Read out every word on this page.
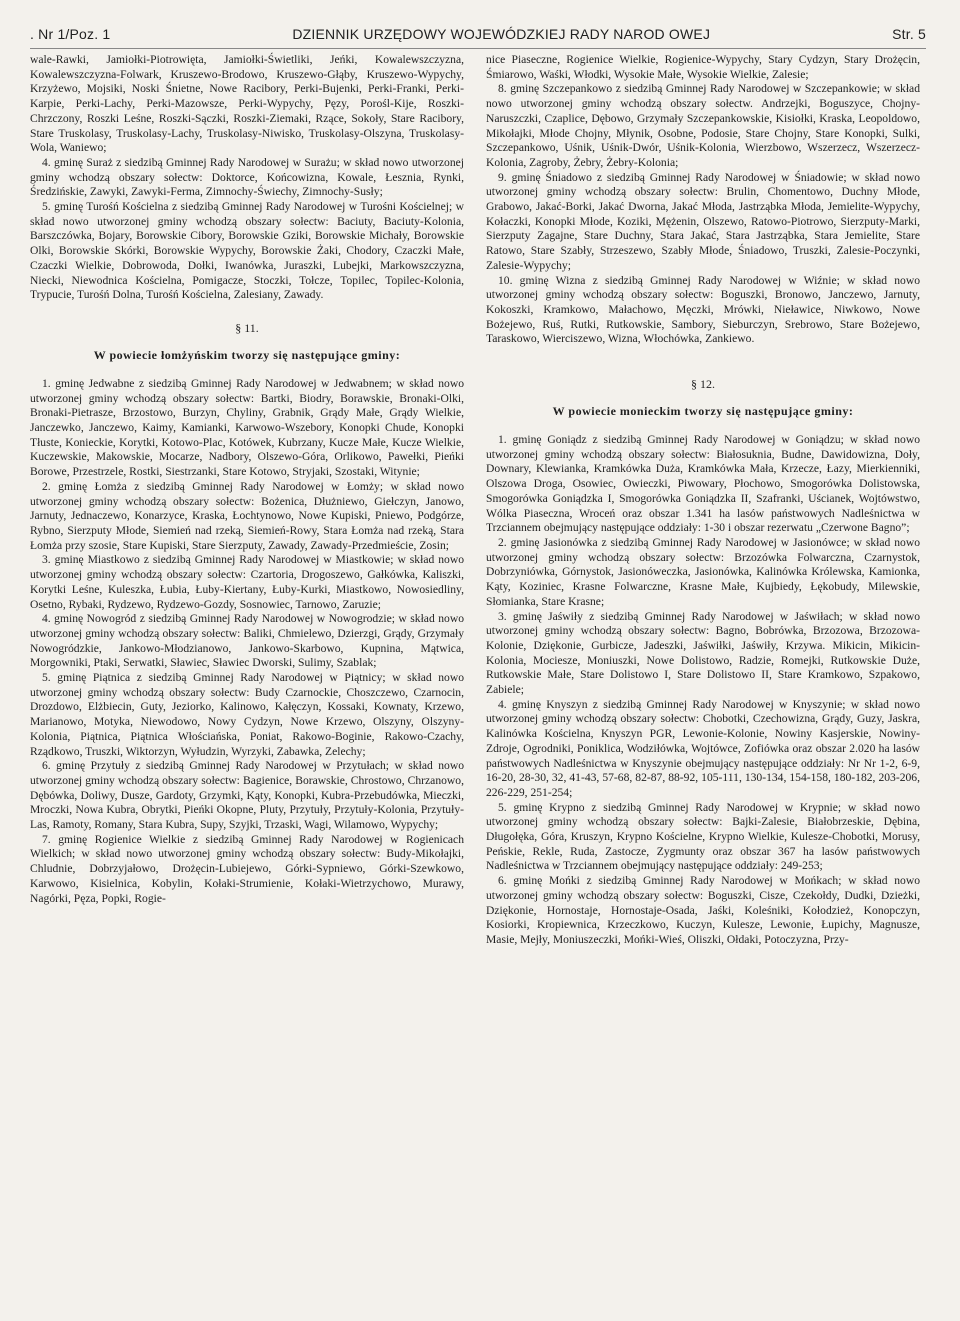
. Nr 1/Poz. 1	DZIENNIK URZĘDOWY WOJEWÓDZKIEJ RADY NAROD OWEJ	Str. 5

wale-Rawki, Jamiołki-Piotrowięta, Jamiołki-Świetliki, Jeńki, Kowalewszczyzna, Kowalewszczyzna-Folwark, Kruszewo-Brodowo, Kruszewo-Głąby, Kruszewo-Wypychy, Krzyżewo, Mojsiki, Noski Śnietne, Nowe Racibory, Perki-Bujenki, Perki-Franki, Perki-Karpie, Perki-Lachy, Perki-Mazowsze, Perki-Wypychy, Pęzy, Porośl-Kije, Roszki-Chrzczony, Roszki Leśne, Roszki-Sączki, Roszki-Ziemaki, Rzące, Sokoły, Stare Racibory, Stare Truskolasy, Truskolasy-Lachy, Truskolasy-Niwisko, Truskolasy-Olszyna, Truskolasy-Wola, Waniewo;

4. gminę Suraż z siedzibą Gminnej Rady Narodowej w Surażu; w skład nowo utworzonej gminy wchodzą obszary sołectw: Doktorce, Końcowizna, Kowale, Łesznia, Rynki, Średzińskie, Zawyki, Zawyki-Ferma, Zimnochy-Świechy, Zimnochy-Susły;

5. gminę Turośń Kościelna z siedzibą Gminnej Rady Narodowej w Turośni Kościelnej; w skład nowo utworzonej gminy wchodzą obszary sołectw: Baciuty, Baciuty-Kolonia, Barszczówka, Bojary, Borowskie Cibory, Borowskie Gziki, Borowskie Michały, Borowskie Olki, Borowskie Skórki, Borowskie Wypychy, Borowskie Żaki, Chodory, Czaczki Małe, Czaczki Wielkie, Dobrowoda, Dołki, Iwanówka, Juraszki, Lubejki, Markowszczyzna, Niecki, Niewodnica Kościelna, Pomigacze, Stoczki, Tołcze, Topilec, Topilec-Kolonia, Trypucie, Turośń Dolna, Turośń Kościelna, Zalesiany, Zawady.

§ 11.
W powiecie łomżyńskim tworzy się następujące gminy:

1. gminę Jedwabne z siedzibą Gminnej Rady Narodowej w Jedwabnem; w skład nowo utworzonej gminy wchodzą obszary sołectw: Bartki, Biodry, Borawskie, Bronaki-Olki, Bronaki-Pietrasze, Brzostowo, Burzyn, Chyliny, Grabnik, Grądy Małe, Grądy Wielkie, Janczewko, Janczewo, Kaimy, Kamianki, Karwowo-Wszebory, Konopki Chude, Konopki Tłuste, Konieckie, Korytki, Kotowo-Plac, Kotówek, Kubrzany, Kucze Małe, Kucze Wielkie, Kuczewskie, Makowskie, Mocarze, Nadbory, Olszewo-Góra, Orlikowo, Pawełki, Pieńki Borowe, Przestrzele, Rostki, Siestrzanki, Stare Kotowo, Stryjaki, Szostaki, Witynie;

2. gminę Łomża z siedzibą Gminnej Rady Narodowej w Łomży; w skład nowo utworzonej gminy wchodzą obszary sołectw: Bożenica, Dłużniewo, Giełczyn, Janowo, Jarnuty, Jednaczewo, Konarzyce, Kraska, Łochtynowo, Nowe Kupiski, Pniewo, Podgórze, Rybno, Sierzputy Młode, Siemień nad rzeką, Siemień-Rowy, Stara Łomża nad rzeką, Stara Łomża przy szosie, Stare Kupiski, Stare Sierzputy, Zawady, Zawady-Przedmieście, Zosin;

3. gminę Miastkowo z siedzibą Gminnej Rady Narodowej w Miastkowie; w skład nowo utworzonej gminy wchodzą obszary sołectw: Czartoria, Drogoszewo, Gałkówka, Kaliszki, Korytki Leśne, Kuleszka, Łubia, Łuby-Kiertany, Łuby-Kurki, Miastkowo, Nowosiedliny, Osetno, Rybaki, Rydzewo, Rydzewo-Gozdy, Sosnowiec, Tarnowo, Zaruzie;

4. gminę Nowogród z siedzibą Gminnej Rady Narodowej w Nowogrodzie; w skład nowo utworzonej gminy wchodzą obszary sołectw: Baliki, Chmielewo, Dzierzgi, Grądy, Grzymały Nowogródzkie, Jankowo-Młodzianowo, Jankowo-Skarbowo, Kupnina, Mątwica, Morgowniki, Ptaki, Serwatki, Sławiec, Sławiec Dworski, Sulimy, Szablak;

5. gminę Piątnica z siedzibą Gminnej Rady Narodowej w Piątnicy; w skład nowo utworzonej gminy wchodzą obszary sołectw: Budy Czarnockie, Choszczewo, Czarnocin, Drozdowo, Elżbiecin, Guty, Jeziorko, Kalinowo, Kałęczyn, Kossaki, Kownaty, Krzewo, Marianowo, Motyka, Niewodowo, Nowy Cydzyn, Nowe Krzewo, Olszyny, Olszyny-Kolonia, Piątnica, Piątnica Włościańska, Poniat, Rakowo-Boginie, Rakowo-Czachy, Rządkowo, Truszki, Wiktorzyn, Wyłudzin, Wyrzyki, Zabawka, Zelechy;

6. gminę Przytuły z siedzibą Gminnej Rady Narodowej w Przytułach; w skład nowo utworzonej gminy wchodzą obszary sołectw: Bagienice, Borawskie, Chrostowo, Chrzanowo, Dębówka, Doliwy, Dusze, Gardoty, Grzymki, Kąty, Konopki, Kubra-Przebudówka, Mieczki, Mroczki, Nowa Kubra, Obrytki, Pieńki Okopne, Pluty, Przytuły, Przytuły-Kolonia, Przytuły-Las, Ramoty, Romany, Stara Kubra, Supy, Szyjki, Trzaski, Wagi, Wilamowo, Wypychy;

7. gminę Rogienice Wielkie z siedzibą Gminnej Rady Narodowej w Rogienicach Wielkich; w skład nowo utworzonej gminy wchodzą obszary sołectw: Budy-Mikołajki, Chludnie, Dobrzyjałowo, Drożęcin-Lubiejewo, Górki-Sypniewo, Górki-Szewkowo, Karwowo, Kisielnica, Kobylin, Kołaki-Strumienie, Kołaki-Wietrzychowo, Murawy, Nagórki, Pęza, Popki, Rogie-

nice Piaseczne, Rogienice Wielkie, Rogienice-Wypychy, Stary Cydzyn, Stary Drożęcin, Śmiarowo, Waśki, Włodki, Wysokie Małe, Wysokie Wielkie, Zalesie;

8. gminę Szczepankowo z siedzibą Gminnej Rady Narodowej w Szczepankowie; w skład nowo utworzonej gminy wchodzą obszary sołectw. Andrzejki, Boguszyce, Chojny-Naruszczki, Czaplice, Dębowo, Grzymały Szczepankowskie, Kisiołki, Kraska, Leopoldowo, Mikołajki, Młode Chojny, Młynik, Osobne, Podosie, Stare Chojny, Stare Konopki, Sulki, Szczepankowo, Uśnik, Uśnik-Dwór, Uśnik-Kolonia, Wierzbowo, Wszerzecz, Wszerzecz-Kolonia, Zagroby, Żebry, Żebry-Kolonia;

9. gminę Śniadowo z siedzibą Gminnej Rady Narodowej w Śniadowie; w skład nowo utworzonej gminy wchodzą obszary sołectw: Brulin, Chomentowo, Duchny Młode, Grabowo, Jakać-Borki, Jakać Dworna, Jakać Młoda, Jastrząbka Młoda, Jemielite-Wypychy, Kołaczki, Konopki Młode, Koziki, Mężenin, Olszewo, Ratowo-Piotrowo, Sierzputy-Marki, Sierzputy Zagajne, Stare Duchny, Stara Jakać, Stara Jastrząbka, Stara Jemielite, Stare Ratowo, Stare Szabły, Strzeszewo, Szabły Młode, Śniadowo, Truszki, Zalesie-Poczynki, Zalesie-Wypychy;

10. gminę Wizna z siedzibą Gminnej Rady Narodowej w Wiźnie; w skład nowo utworzonej gminy wchodzą obszary sołectw: Boguszki, Bronowo, Janczewo, Jarnuty, Kokoszki, Kramkowo, Małachowo, Męczki, Mrówki, Nieławice, Niwkowo, Nowe Bożejewo, Ruś, Rutki, Rutkowskie, Sambory, Sieburczyn, Srebrowo, Stare Bożejewo, Taraskowo, Wierciszewo, Wizna, Włochówka, Zankiewo.

§ 12.
W powiecie monieckim tworzy się następujące gminy:

1. gminę Goniądz z siedzibą Gminnej Rady Narodowej w Goniądzu; w skład nowo utworzonej gminy wchodzą obszary sołectw: Białosuknia, Budne, Dawidowizna, Doły, Downary, Klewianka, Kramkówka Duża, Kramkówka Mała, Krzecze, Łazy, Mierkienniki, Olszowa Droga, Osowiec, Owieczki, Piwowary, Płochowo, Smogorówka Dolistowska, Smogorówka Goniądzka I, Smogorówka Goniądzka II, Szafranki, Uścianek, Wojtówstwo, Wólka Piaseczna, Wroceń oraz obszar 1.341 ha lasów państwowych Nadleśnictwa w Trzciannem obejmujący następujące oddziały: 1-30 i obszar rezerwatu „Czerwone Bagno”;

2. gminę Jasionówka z siedzibą Gminnej Rady Narodowej w Jasionówce; w skład nowo utworzonej gminy wchodzą obszary sołectw: Brzozówka Folwarczna, Czarnystok, Dobrzyniówka, Górnystok, Jasionóweczka, Jasionówka, Kalinówka Królewska, Kamionka, Kąty, Koziniec, Krasne Folwarczne, Krasne Małe, Kujbiedy, Łękobudy, Milewskie, Słomianka, Stare Krasne;

3. gminę Jaświły z siedzibą Gminnej Rady Narodowej w Jaświłach; w skład nowo utworzonej gminy wchodzą obszary sołectw: Bagno, Bobrówka, Brzozowa, Brzozowa-Kolonie, Dziękonie, Gurbicze, Jadeszki, Jaświłki, Jaświły, Krzywa. Mikicin, Mikicin-Kolonia, Mociesze, Moniuszki, Nowe Dolistowo, Radzie, Romejki, Rutkowskie Duże, Rutkowskie Małe, Stare Dolistowo I, Stare Dolistowo II, Stare Kramkowo, Szpakowo, Zabiele;

4. gminę Knyszyn z siedzibą Gminnej Rady Narodowej w Knyszynie; w skład nowo utworzonej gminy wchodzą obszary sołectw: Chobotki, Czechowizna, Grądy, Guzy, Jaskra, Kalinówka Kościelna, Knyszyn PGR, Lewonie-Kolonie, Nowiny Kasjerskie, Nowiny-Zdroje, Ogrodniki, Poniklica, Wodziłówka, Wojtówce, Zofiówka oraz obszar 2.020 ha lasów państwowych Nadleśnictwa w Knyszynie obejmujący następujące oddziały: Nr Nr 1-2, 6-9, 16-20, 28-30, 32, 41-43, 57-68, 82-87, 88-92, 105-111, 130-134, 154-158, 180-182, 203-206, 226-229, 251-254;

5. gminę Krypno z siedzibą Gminnej Rady Narodowej w Krypnie; w skład nowo utworzonej gminy wchodzą obszary sołectw: Bajki-Zalesie, Białobrzeskie, Dębina, Długołęka, Góra, Kruszyn, Krypno Kościelne, Krypno Wielkie, Kulesze-Chobotki, Morusy, Peńskie, Rekle, Ruda, Zastocze, Zygmunty oraz obszar 367 ha lasów państwowych Nadleśnictwa w Trzciannem obejmujący następujące oddziały: 249-253;

6. gminę Mońki z siedzibą Gminnej Rady Narodowej w Mońkach; w skład nowo utworzonej gminy wchodzą obszary sołectw: Boguszki, Cisze, Czekołdy, Dudki, Dzieżki, Dziękonie, Hornostaje, Hornostaje-Osada, Jaśki, Koleśniki, Kołodzież, Konopczyn, Kosiorki, Kropiewnica, Krzeczkowo, Kuczyn, Kulesze, Lewonie, Łupichy, Magnusze, Masie, Mejły, Moniuszeczki, Mońki-Wieś, Oliszki, Ołdaki, Potoczyzna, Przy-
